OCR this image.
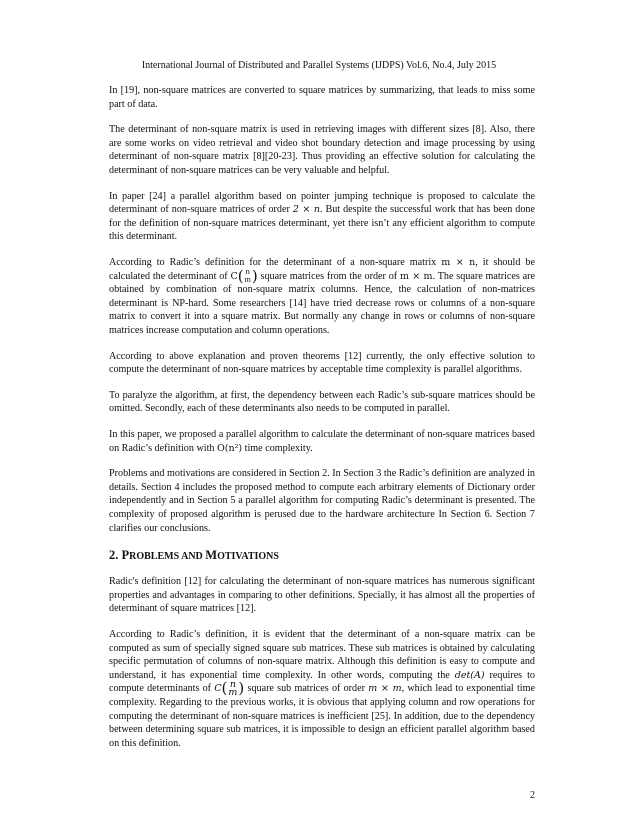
International Journal of Distributed and Parallel Systems (IJDPS) Vol.6, No.4, July 2015

In [19], non-square matrices are converted to square matrices by summarizing, that leads to miss some part of data.

The determinant of non-square matrix is used in retrieving images with different sizes [8]. Also, there are some works on video retrieval and video shot boundary detection and image processing by using determinant of non-square matrix [8][20-23]. Thus providing an effective solution for calculating the determinant of non-square matrices can be very valuable and helpful.

In paper [24] a parallel algorithm based on pointer jumping technique is proposed to calculate the determinant of non-square matrices of order 2 × n. But despite the successful work that has been done for the definition of non-square matrices determinant, yet there isn’t any efficient algorithm to compute this determinant.

According to Radic’s definition for the determinant of a non-square matrix m × n, it should be calculated the determinant of C( n
m ) square matrices from the order of m × m. The square matrices are obtained by combination of non-square matrix columns. Hence, the calculation of non-matrices determinant is NP-hard. Some researchers [14] have tried decrease rows or columns of a non-square matrix to convert it into a square matrix. But normally any change in rows or columns of non-square matrices increase computation and column operations.

According to above explanation and proven theorems [12] currently, the only effective solution to compute the determinant of non-square matrices by acceptable time complexity is parallel algorithms.

To paralyze the algorithm, at first, the dependency between each Radic’s sub-square matrices should be omitted. Secondly, each of these determinants also needs to be computed in parallel.

In this paper, we proposed a parallel algorithm to calculate the determinant of non-square matrices based on Radic’s definition with O(n²) time complexity.

Problems and motivations are considered in Section 2. In Section 3 the Radic’s definition are analyzed in details. Section 4 includes the proposed method to compute each arbitrary elements of Dictionary order independently and in Section 5 a parallel algorithm for computing Radic’s determinant is presented. The complexity of proposed algorithm is perused due to the hardware architecture In Section 6. Section 7 clarifies our conclusions.

2. PROBLEMS AND MOTIVATIONS

Radic's definition [12] for calculating the determinant of non-square matrices has numerous significant properties and advantages in comparing to other definitions. Specially, it has almost all the properties of determinant of square matrices [12].

According to Radic’s definition, it is evident that the determinant of a non-square matrix can be computed as sum of specially signed square sub matrices. These sub matrices is obtained by calculating specific permutation of columns of non-square matrix. Although this definition is easy to compute and understand, it has exponential time complexity. In other words, computing the det(A) requires to compute determinants of C( n
m ) square sub matrices of order m × m, which lead to exponential time complexity. Regarding to the previous works, it is obvious that applying column and row operations for computing the determinant of non-square matrices is inefficient [25]. In addition, due to the dependency between determining square sub matrices, it is impossible to design an efficient parallel algorithm based on this definition.

2
